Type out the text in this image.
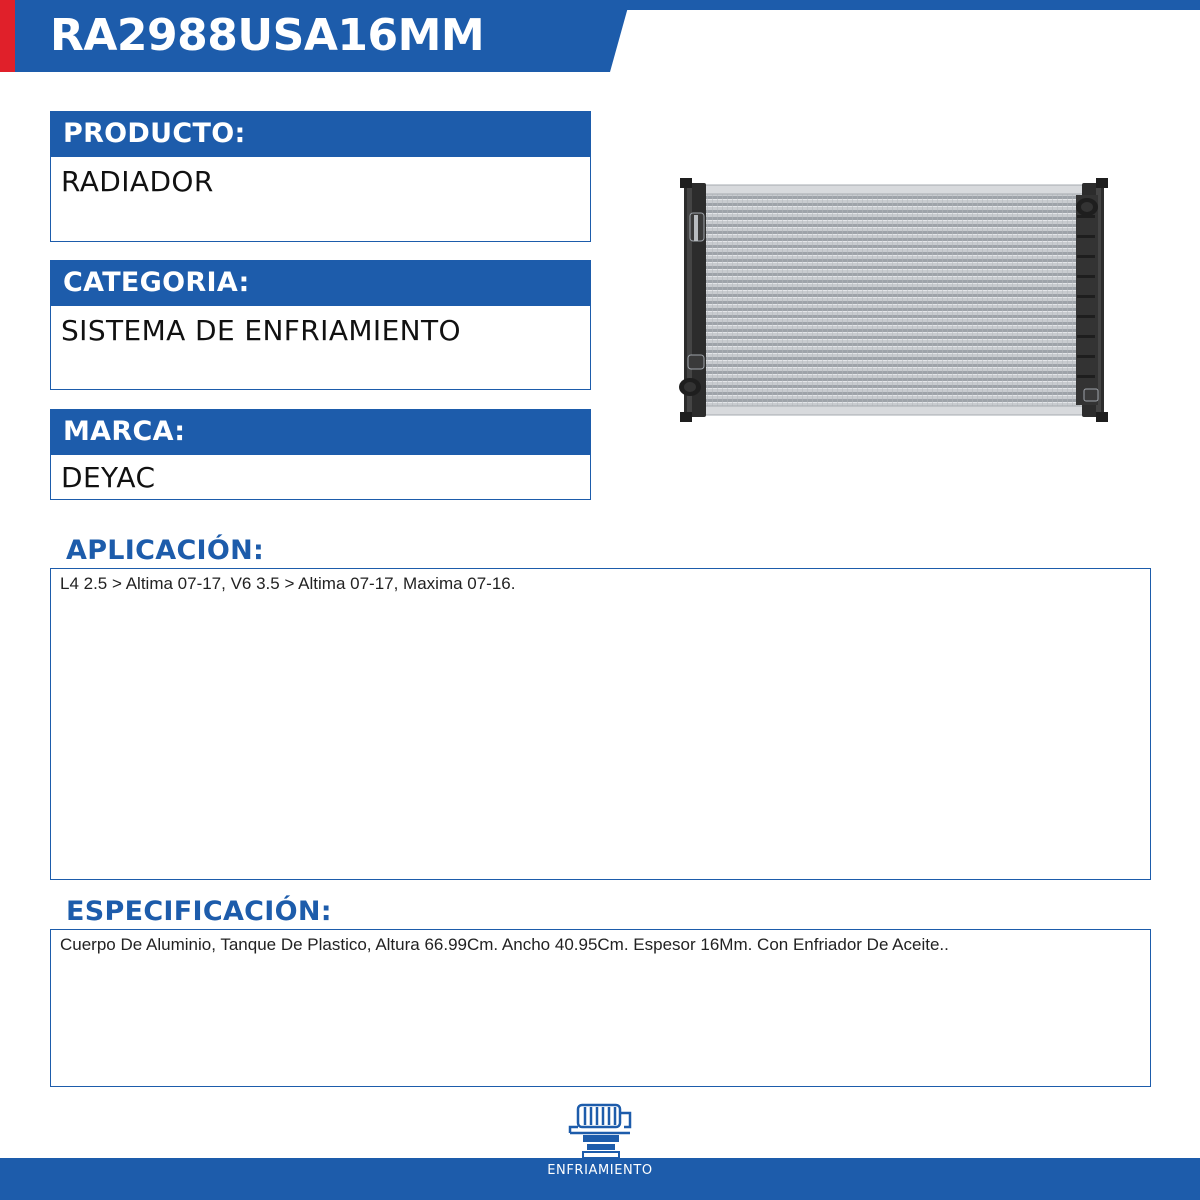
RA2988USA16MM
PRODUCTO:
RADIADOR
CATEGORIA:
SISTEMA DE ENFRIAMIENTO
MARCA:
DEYAC
APLICACIÓN:
L4 2.5 > Altima 07-17, V6 3.5 > Altima 07-17, Maxima 07-16.
ESPECIFICACIÓN:
Cuerpo De Aluminio, Tanque De Plastico, Altura 66.99Cm. Ancho 40.95Cm. Espesor 16Mm. Con Enfriador De Aceite..
ENFRIAMIENTO
